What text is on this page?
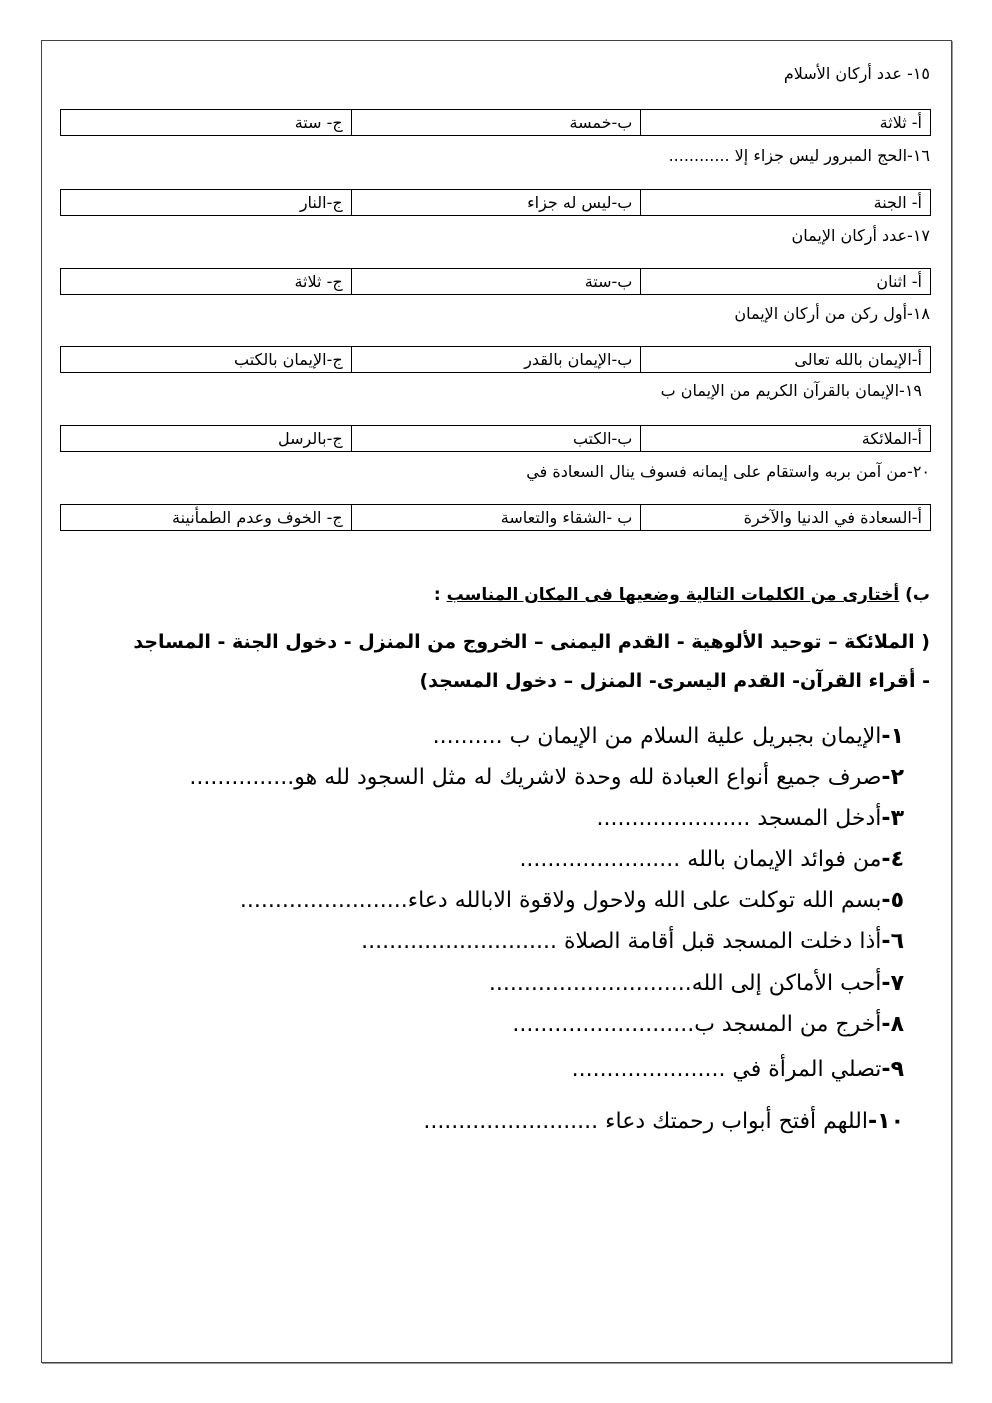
١٥- عدد أركان الأسلام
أ- ثلاثة
ب-خمسة
ج- ستة
١٦-الحج المبرور ليس جزاء إلا ............
أ- الجنة
ب-ليس له جزاء
ج-النار
١٧-عدد أركان الإيمان
أ- اثنان
ب-ستة
ج- ثلاثة
١٨-أول ركن من أركان الإيمان
أ-الإيمان بالله تعالى
ب-الإيمان بالقدر
ج-الإيمان بالكتب
١٩-الإيمان بالقرآن الكريم من الإيمان ب
أ-الملائكة
ب-الكتب
ج-بالرسل
٢٠-من آمن بربه واستقام على إيمانه فسوف ينال السعادة في
أ-السعادة في الدنيا والآخرة
ب -الشقاء والتعاسة
ج- الخوف وعدم الطمأنينة
ب) أختارى من الكلمات التالية وضعيها فى المكان المناسب :
( الملائكة – توحيد الألوهية - القدم اليمنى – الخروج من المنزل - دخول الجنة - المساجد
- أقراء القرآن- القدم اليسرى- المنزل – دخول المسجد)
١-الإيمان بجبريل علية السلام من الإيمان ب ..........
٢-صرف جميع أنواع العبادة لله وحدة لاشريك له مثل السجود لله هو...............
٣-أدخل المسجد ......................
٤-من فوائد الإيمان بالله .......................
٥-بسم الله توكلت على الله ولاحول ولاقوة الابالله دعاء........................
٦-أذا دخلت المسجد قبل أقامة الصلاة ............................
٧-أحب الأماكن إلى الله.............................
٨-أخرج من المسجد ب..........................
٩-تصلي المرأة في ......................
١٠-اللهم أفتح أبواب رحمتك دعاء .........................
